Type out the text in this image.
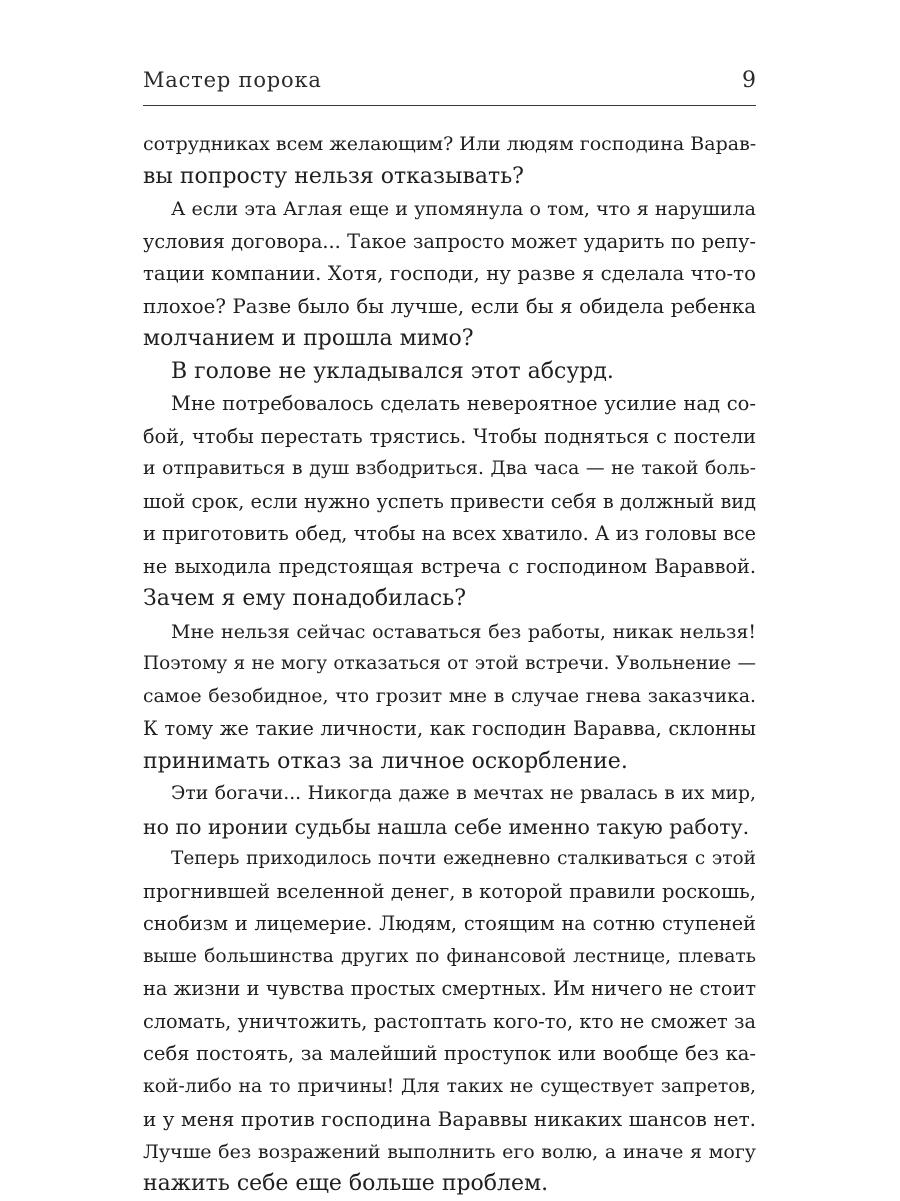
Мастер порока	9
сотрудниках всем желающим? Или людям господина Варав-
вы попросту нельзя отказывать?
А если эта Аглая еще и упомянула о том, что я нарушила
условия договора... Такое запросто может ударить по репу-
тации компании. Хотя, господи, ну разве я сделала что-то
плохое? Разве было бы лучше, если бы я обидела ребенка
молчанием и прошла мимо?
В голове не укладывался этот абсурд.
Мне потребовалось сделать невероятное усилие над со-
бой, чтобы перестать трястись. Чтобы подняться с постели
и отправиться в душ взбодриться. Два часа — не такой боль-
шой срок, если нужно успеть привести себя в должный вид
и приготовить обед, чтобы на всех хватило. А из головы все
не выходила предстоящая встреча с господином Вараввой.
Зачем я ему понадобилась?
Мне нельзя сейчас оставаться без работы, никак нельзя!
Поэтому я не могу отказаться от этой встречи. Увольнение —
самое безобидное, что грозит мне в случае гнева заказчика.
К тому же такие личности, как господин Варавва, склонны
принимать отказ за личное оскорбление.
Эти богачи... Никогда даже в мечтах не рвалась в их мир,
но по иронии судьбы нашла себе именно такую работу.
Теперь приходилось почти ежедневно сталкиваться с этой
прогнившей вселенной денег, в которой правили роскошь,
снобизм и лицемерие. Людям, стоящим на сотню ступеней
выше большинства других по финансовой лестнице, плевать
на жизни и чувства простых смертных. Им ничего не стоит
сломать, уничтожить, растоптать кого-то, кто не сможет за
себя постоять, за малейший проступок или вообще без ка-
кой-либо на то причины! Для таких не существует запретов,
и у меня против господина Вараввы никаких шансов нет.
Лучше без возражений выполнить его волю, а иначе я могу
нажить себе еще больше проблем.
